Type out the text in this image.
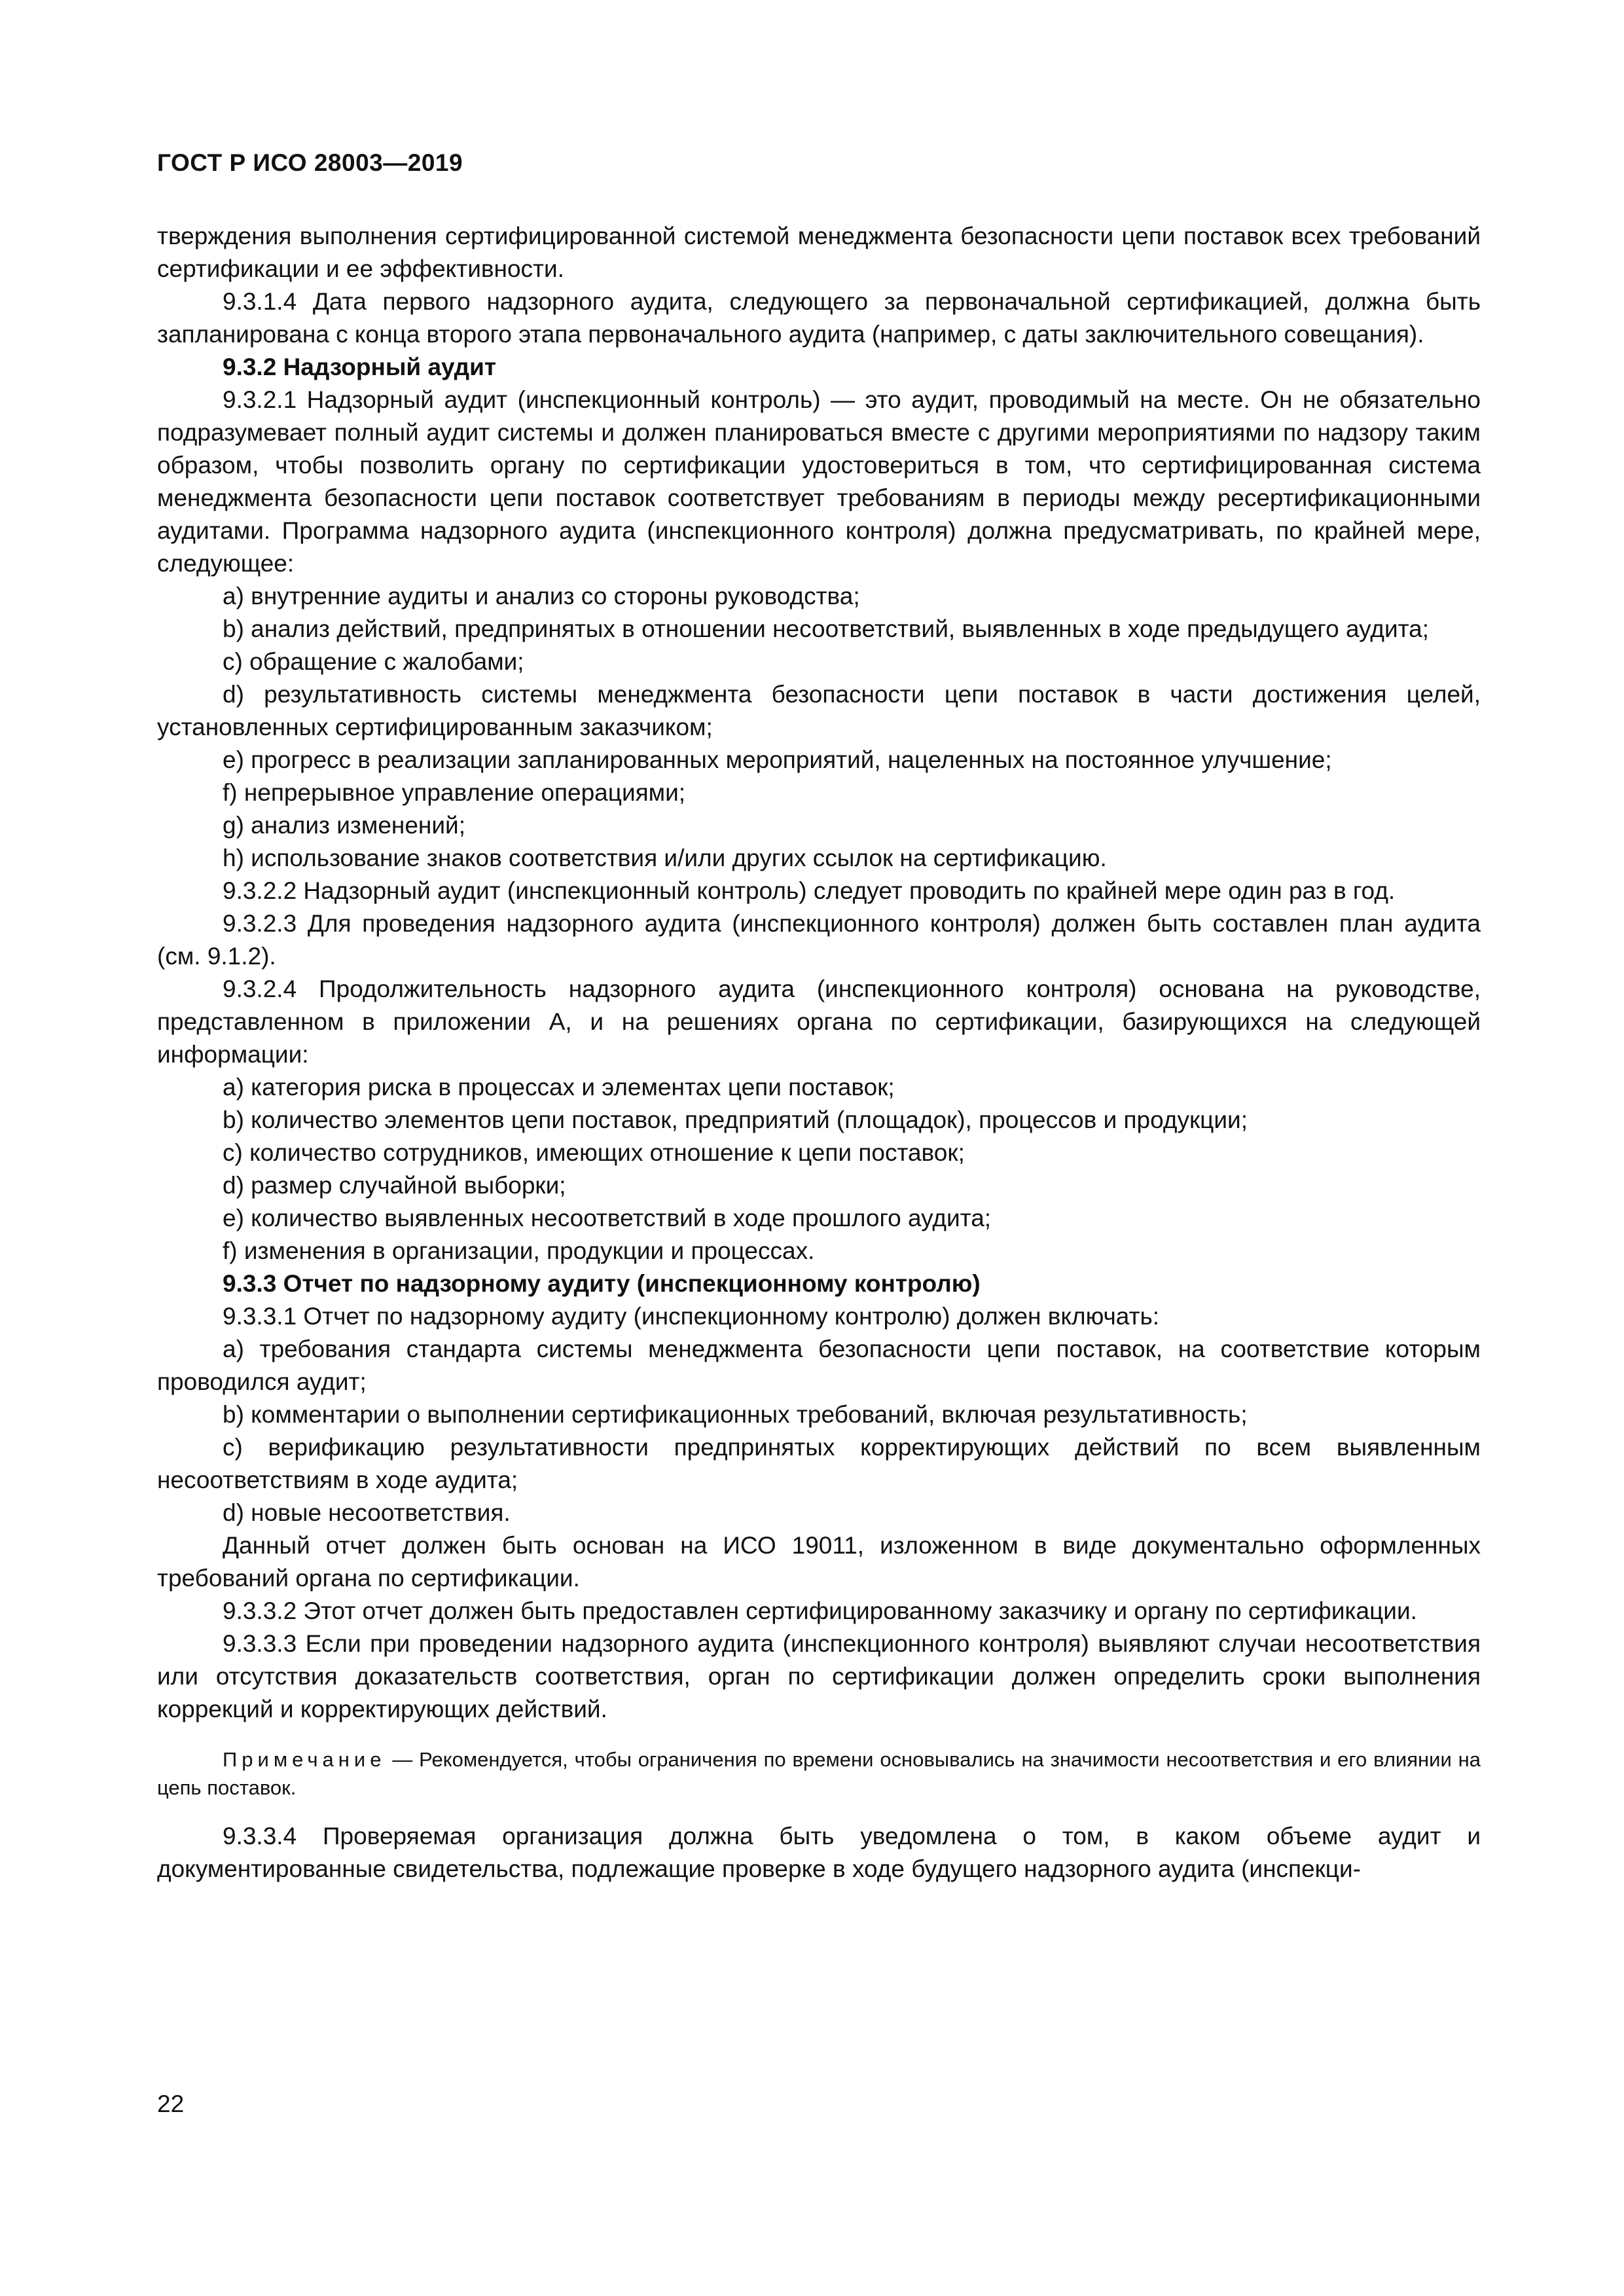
ГОСТ Р ИСО 28003—2019

тверждения выполнения сертифицированной системой менеджмента безопасности цепи поставок всех требований сертификации и ее эффективности.

9.3.1.4 Дата первого надзорного аудита, следующего за первоначальной сертификацией, должна быть запланирована с конца второго этапа первоначального аудита (например, с даты заключительного совещания).

9.3.2 Надзорный аудит

9.3.2.1 Надзорный аудит (инспекционный контроль) — это аудит, проводимый на месте. Он не обязательно подразумевает полный аудит системы и должен планироваться вместе с другими мероприятиями по надзору таким образом, чтобы позволить органу по сертификации удостовериться в том, что сертифицированная система менеджмента безопасности цепи поставок соответствует требованиям в периоды между ресертификационными аудитами. Программа надзорного аудита (инспекционного контроля) должна предусматривать, по крайней мере, следующее:

a) внутренние аудиты и анализ со стороны руководства;

b) анализ действий, предпринятых в отношении несоответствий, выявленных в ходе предыдущего аудита;

c) обращение с жалобами;

d) результативность системы менеджмента безопасности цепи поставок в части достижения целей, установленных сертифицированным заказчиком;

e) прогресс в реализации запланированных мероприятий, нацеленных на постоянное улучшение;

f) непрерывное управление операциями;

g) анализ изменений;

h) использование знаков соответствия и/или других ссылок на сертификацию.

9.3.2.2 Надзорный аудит (инспекционный контроль) следует проводить по крайней мере один раз в год.

9.3.2.3 Для проведения надзорного аудита (инспекционного контроля) должен быть составлен план аудита (см. 9.1.2).

9.3.2.4 Продолжительность надзорного аудита (инспекционного контроля) основана на руководстве, представленном в приложении А, и на решениях органа по сертификации, базирующихся на следующей информации:

a) категория риска в процессах и элементах цепи поставок;

b) количество элементов цепи поставок, предприятий (площадок), процессов и продукции;

c) количество сотрудников, имеющих отношение к цепи поставок;

d) размер случайной выборки;

e) количество выявленных несоответствий в ходе прошлого аудита;

f) изменения в организации, продукции и процессах.

9.3.3 Отчет по надзорному аудиту (инспекционному контролю)

9.3.3.1 Отчет по надзорному аудиту (инспекционному контролю) должен включать:

a) требования стандарта системы менеджмента безопасности цепи поставок, на соответствие которым проводился аудит;

b) комментарии о выполнении сертификационных требований, включая результативность;

c) верификацию результативности предпринятых корректирующих действий по всем выявленным несоответствиям в ходе аудита;

d) новые несоответствия.

Данный отчет должен быть основан на ИСО 19011, изложенном в виде документально оформленных требований органа по сертификации.

9.3.3.2 Этот отчет должен быть предоставлен сертифицированному заказчику и органу по сертификации.

9.3.3.3 Если при проведении надзорного аудита (инспекционного контроля) выявляют случаи несоответствия или отсутствия доказательств соответствия, орган по сертификации должен определить сроки выполнения коррекций и корректирующих действий.

Примечание — Рекомендуется, чтобы ограничения по времени основывались на значимости несоответствия и его влиянии на цепь поставок.

9.3.3.4 Проверяемая организация должна быть уведомлена о том, в каком объеме аудит и документированные свидетельства, подлежащие проверке в ходе будущего надзорного аудита (инспекци-

22
